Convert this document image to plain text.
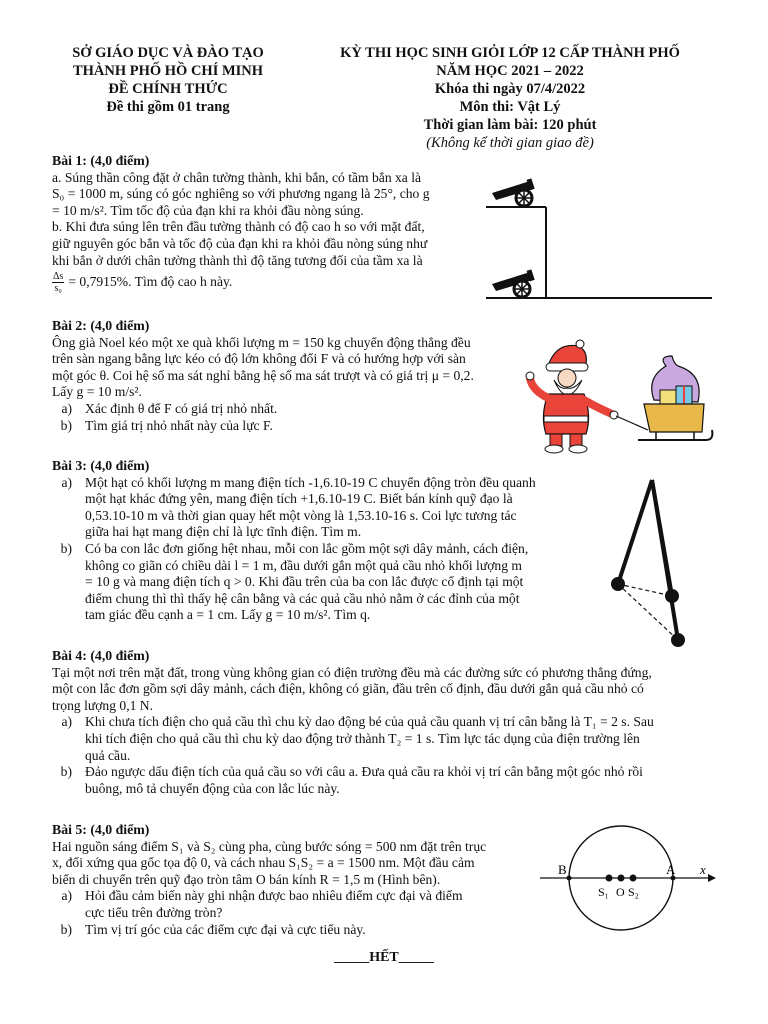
SỞ GIÁO DỤC VÀ ĐÀO TẠO
THÀNH PHỐ HỒ CHÍ MINH
ĐỀ CHÍNH THỨC
Đề thi gồm 01 trang
KỲ THI HỌC SINH GIỎI LỚP 12 CẤP THÀNH PHỐ
NĂM HỌC 2021 – 2022
Khóa thi ngày 07/4/2022
Môn thi: Vật Lý
Thời gian làm bài: 120 phút
(Không kể thời gian giao đề)
Bài 1: (4,0 điểm)
a. Súng thần công đặt ở chân tường thành, khi bắn, có tầm bắn xa là
S₀ = 1000 m, súng có góc nghiêng so với phương ngang là 25°, cho g
= 10 m/s². Tìm tốc độ của đạn khi ra khỏi đầu nòng súng.
b. Khi đưa súng lên trên đầu tường thành có độ cao h so với mặt đất,
giữ nguyên góc bắn và tốc độ của đạn khi ra khỏi đầu nòng súng như
khi bắn ở dưới chân tường thành thì độ tăng tương đối của tầm xa là
$\frac{\Delta s}{\text{s₀}} = 0,7915\%$. Tìm độ cao h này.
Bài 2: (4,0 điểm)
Ông già Noel kéo một xe quà khối lượng m = 150 kg chuyển động thẳng đều
trên sàn ngang bằng lực kéo có độ lớn không đổi F và có hướng hợp với sàn
một góc θ. Coi hệ số ma sát nghỉ bằng hệ số ma sát trượt và có giá trị μ = 0,2.
Lấy g = 10 m/s².
a) Xác định θ để F có giá trị nhỏ nhất.
b) Tìm giá trị nhỏ nhất này của lực F.
Bài 3: (4,0 điểm)
a) Một hạt có khối lượng m mang điện tích -1,6.10-19 C chuyển động tròn đều quanh
một hạt khác đứng yên, mang điện tích +1,6.10-19 C. Biết bán kính quỹ đạo là
0,53.10-10 m và thời gian quay hết một vòng là 1,53.10-16 s. Coi lực tương tác
giữa hai hạt mang điện chỉ là lực tĩnh điện. Tìm m.
b) Có ba con lắc đơn giống hệt nhau, mỗi con lắc gồm một sợi dây mảnh, cách điện,
không co giãn có chiều dài l = 1 m, đầu dưới gắn một quả cầu nhỏ khối lượng m
= 10 g và mang điện tích q > 0. Khi đầu trên của ba con lắc được cố định tại một
điểm chung thì thì thấy hệ cân bằng và các quả cầu nhỏ nằm ở các đỉnh của một
tam giác đều cạnh a = 1 cm. Lấy g = 10 m/s². Tìm q.
Bài 4: (4,0 điểm)
Tại một nơi trên mặt đất, trong vùng không gian có điện trường đều mà các đường sức có phương thẳng đứng,
một con lắc đơn gồm sợi dây mảnh, cách điện, không có giãn, đầu trên cố định, đầu dưới gắn quả cầu nhỏ có
trọng lượng 0,1 N.
a) Khi chưa tích điện cho quả cầu thì chu kỳ dao động bé của quả cầu quanh vị trí cân bằng là T₁ = 2 s. Sau
khi tích điện cho quả cầu thì chu kỳ dao động trở thành T₂ = 1 s. Tìm lực tác dụng của điện trường lên
quả cầu.
b) Đảo ngược dấu điện tích của quả cầu so với câu a. Đưa quả cầu ra khỏi vị trí cân bằng một góc nhỏ rồi
buông, mô tả chuyển động của con lắc lúc này.
Bài 5: (4,0 điểm)
Hai nguồn sáng điểm S₁ và S₂ cùng pha, cùng bước sóng = 500 nm đặt trên trục
x, đối xứng qua gốc tọa độ 0, và cách nhau S₁S₂ = a = 1500 nm. Một đầu cảm
biến di chuyển trên quỹ đạo tròn tâm O bán kính R = 1,5 m (Hình bên).
a) Hỏi đầu cảm biến này ghi nhận được bao nhiêu điểm cực đại và điểm
cực tiểu trên đường tròn?
b) Tìm vị trí góc của các điểm cực đại và cực tiểu này.
B	A x
S₁ O S₂
_____HẾT_____
